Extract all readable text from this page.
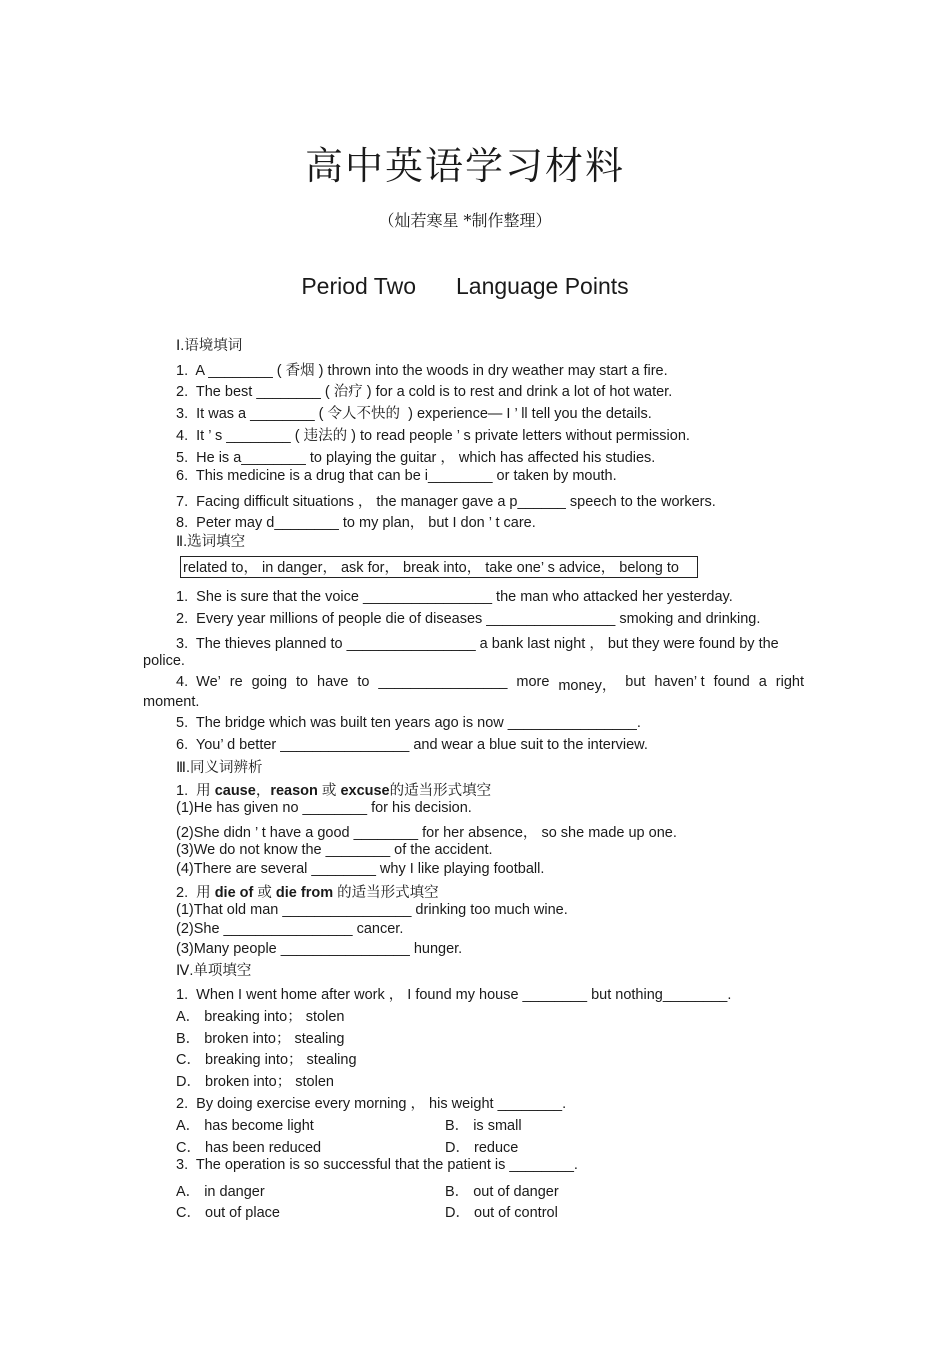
高中英语学习材料
（灿若寒星 *制作整理）
Period Two Language Points
Ⅰ.语境填词
1.  A ________ ( 香烟 ) thrown into the woods in dry weather may start a fire.
2.  The best ________ ( 治疗 ) for a cold is to rest and drink a lot of hot water.
3.  It was a ________ ( 令人不快的  ) experience— I ’ ll tell you the details.
4.  It ’ s ________ ( 违法的 ) to read people ’ s private letters without permission.
5.  He is a________ to playing the guitar ， which has affected his studies.
6.  This medicine is a drug that can be i________ or taken by mouth.
7.  Facing difficult situations ， the manager gave a p______ speech to the workers.
8.  Peter may d________ to my plan， but I don ’ t care.
Ⅱ.选词填空
related to， in danger， ask for， break into， take one’ s advice， belong to
1.  She is sure that the voice ________________ the man who attacked her yesterday.
2.  Every year millions of people die of diseases ________________ smoking and drinking.
3.  The thieves planned to ________________ a bank last night ， but they were found by the
police.
4.  We’ re going to have to ________________ more money， but haven’ t found a right
moment.
5.  The bridge which was built ten years ago is now ________________.
6.  You’ d better ________________ and wear a blue suit to the interview.
Ⅲ.同义词辨析
1.  用 cause，reason 或 excuse的适当形式填空
(1)He has given no ________ for his decision.
(2)She didn ’ t have a good ________ for her absence， so she made up one.
(3)We do not know the ________ of the accident.
(4)There are several ________ why I like playing football.
2.  用 die of 或 die from 的适当形式填空
(1)That old man ________________ drinking too much wine.
(2)She ________________ cancer.
(3)Many people ________________ hunger.
Ⅳ.单项填空
1.  When I went home after work ， I found my house ________ but nothing________.
A． breaking into； stolen
B． broken into； stealing
C． breaking into； stealing
D． broken into； stolen
2.  By doing exercise every morning ， his weight ________.
A． has become light	B． is small
C． has been reduced	D． reduce
3.  The operation is so successful that the patient is ________.
A． in danger	B． out of danger
C． out of place	D． out of control
